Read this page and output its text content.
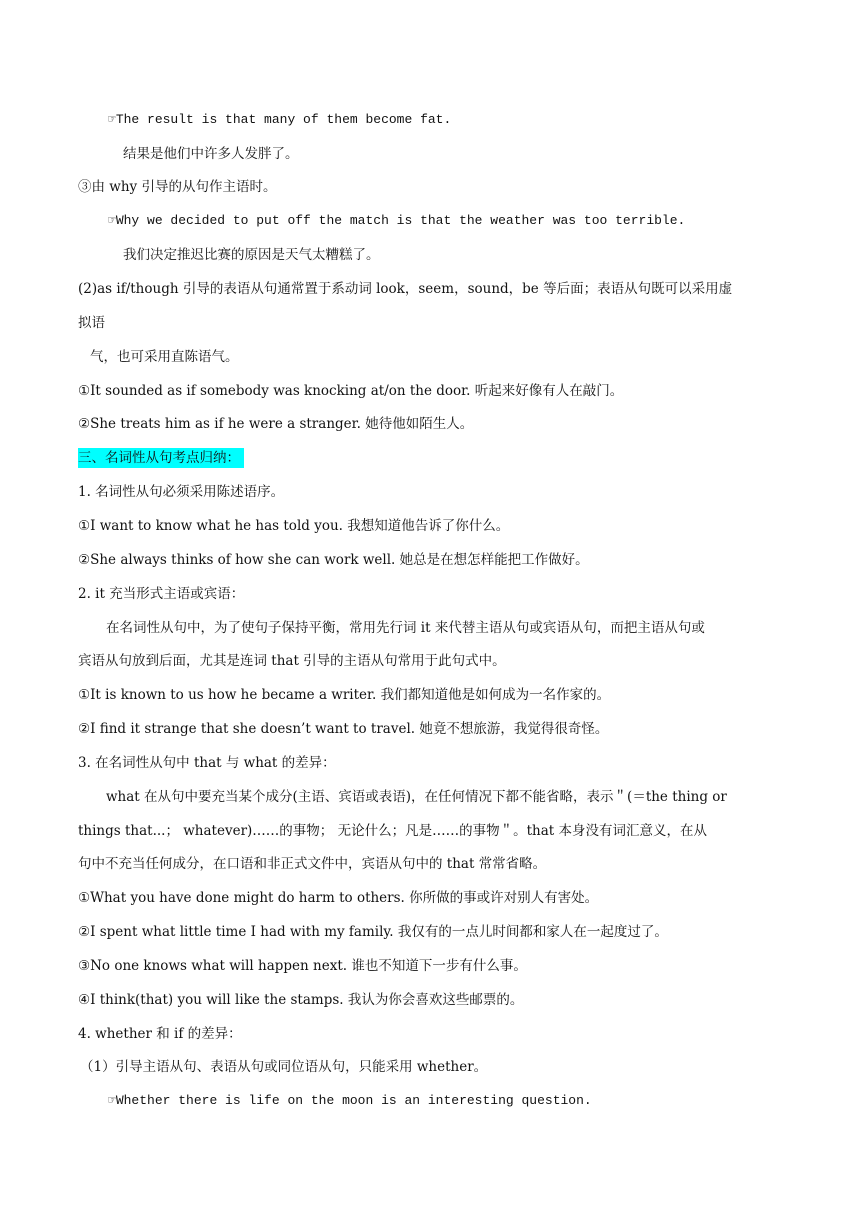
☞The result is that many of them become fat.
结果是他们中许多人发胖了。
③由 why 引导的从句作主语时。
☞Why we decided to put off the match is that the weather was too terrible.
我们决定推迟比赛的原因是天气太糟糕了。
(2)as if/though 引导的表语从句通常置于系动词 look，seem，sound，be 等后面；表语从句既可以采用虚
拟语
气，也可采用直陈语气。
①It sounded as if somebody was knocking at/on the door. 听起来好像有人在敲门。
②She treats him as if he were a stranger. 她待他如陌生人。
三、名词性从句考点归纳：
1. 名词性从句必须采用陈述语序。
①I want to know what he has told you. 我想知道他告诉了你什么。
②She always thinks of how she can work well. 她总是在想怎样能把工作做好。
2. it 充当形式主语或宾语：
在名词性从句中，为了使句子保持平衡，常用先行词 it 来代替主语从句或宾语从句，而把主语从句或
宾语从句放到后面，尤其是连词 that 引导的主语从句常用于此句式中。
①It is known to us how he became a writer. 我们都知道他是如何成为一名作家的。
②I find it strange that she doesn’t want to travel. 她竟不想旅游，我觉得很奇怪。
3. 在名词性从句中 that 与 what 的差异：
what 在从句中要充当某个成分(主语、宾语或表语)，在任何情况下都不能省略，表示＂(＝the thing or
things that...； whatever)……的事物； 无论什么；凡是……的事物＂。that 本身没有词汇意义，在从
句中不充当任何成分，在口语和非正式文件中，宾语从句中的 that 常常省略。
①What you have done might do harm to others. 你所做的事或许对别人有害处。
②I spent what little time I had with my family. 我仅有的一点儿时间都和家人在一起度过了。
③No one knows what will happen next. 谁也不知道下一步有什么事。
④I think(that) you will like the stamps. 我认为你会喜欢这些邮票的。
4. whether 和 if 的差异：
（1）引导主语从句、表语从句或同位语从句，只能采用 whether。
☞Whether there is life on the moon is an interesting question.
